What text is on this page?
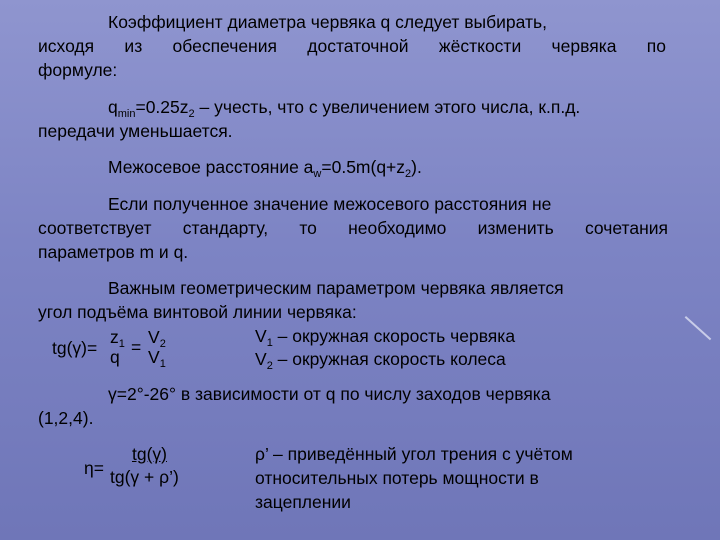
Коэффициент диаметра червяка q следует выбирать,
исходя из обеспечения достаточной жёсткости червяка по
формуле:
$q_{min}=0.25z_2$ – учесть, что с увеличением этого числа, к.п.д.
передачи уменьшается.
Межосевое расстояние $a_w=0.5m(q+z_2)$.
Если полученное значение межосевого расстояния не
соответствует стандарту, то необходимо изменить сочетания
параметров m и q.
Важным геометрическим параметром червяка является
угол подъёма винтовой линии червяка:
tg(γ)=
$z_1$
$q = V_2$
$V_1$
$V_1$ – окружная скорость червяка
$V_2$ – окружная скорость колеса
γ=2°-26° в зависимости от q по числу заходов червяка
(1,2,4).
η=
tg(γ)
tg(γ + ρ’)
ρ’ – приведённый угол трения с учётом
относительных потерь мощности в
зацеплении
